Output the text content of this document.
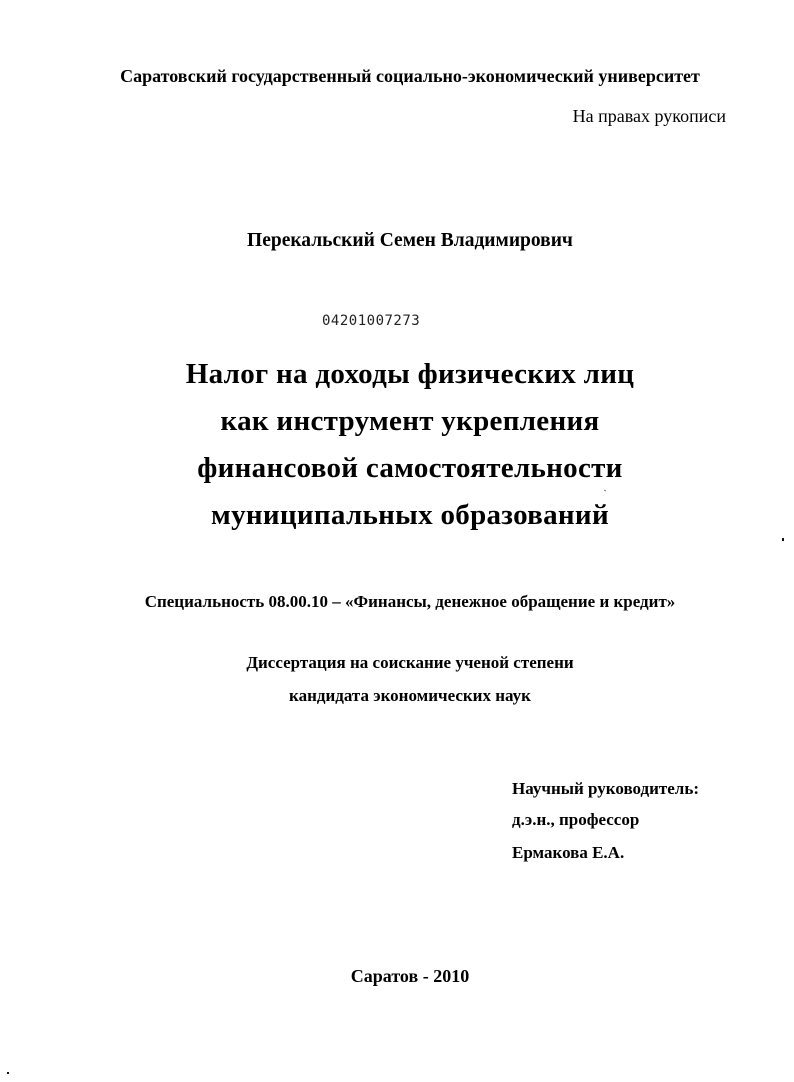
Саратовский государственный социально-экономический университет

На правах рукописи

Перекальский Семен Владимирович

04201007273

Налог на доходы физических лиц

как инструмент укрепления

финансовой самостоятельности

муниципальных образований

Специальность 08.00.10 – «Финансы, денежное обращение и кредит»

Диссертация на соискание ученой степени

кандидата экономических наук

Научный руководитель:

д.э.н., профессор

Ермакова Е.А.

Саратов - 2010
